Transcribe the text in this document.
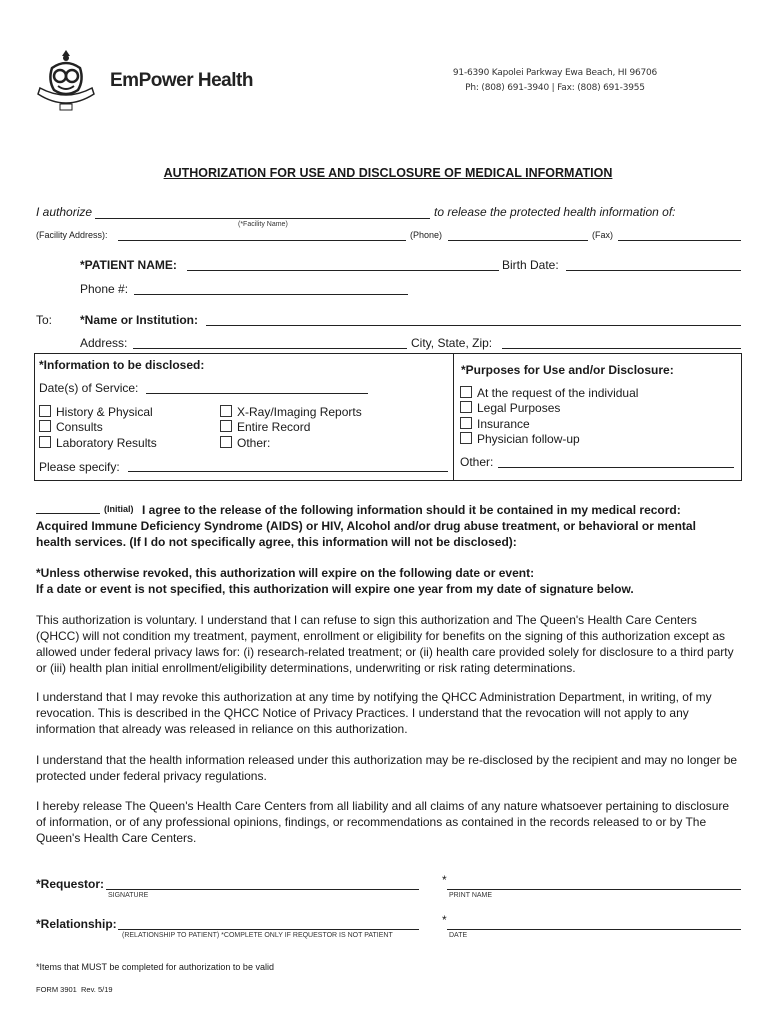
EmPower Health	91-6390 Kapolei Parkway Ewa Beach, HI 96706
Ph: (808) 691-3940 | Fax: (808) 691-3955
AUTHORIZATION FOR USE AND DISCLOSURE OF MEDICAL INFORMATION
I authorize
(*Facility Name)
to release the protected health information of:
(Facility Address):	(Phone)	(Fax)
*PATIENT NAME:	Birth Date:
Phone #:
To: *Name or Institution:
Address:	City, State, Zip:
*Information to be disclosed:
Date(s) of Service:
History & Physical
Consults
Laboratory Results
X-Ray/Imaging Reports
Entire Record
Other:
Please specify:
*Purposes for Use and/or Disclosure:
At the request of the individual
Legal Purposes
Insurance
Physician follow-up
Other:
(Initial) I agree to the release of the following information should it be contained in my medical record:
Acquired Immune Deficiency Syndrome (AIDS) or HIV, Alcohol and/or drug abuse treatment, or behavioral or mental
health services. (If I do not specifically agree, this information will not be disclosed):
*Unless otherwise revoked, this authorization will expire on the following date or event:
If a date or event is not specified, this authorization will expire one year from my date of signature below.
This authorization is voluntary. I understand that I can refuse to sign this authorization and The Queen's Health Care Centers (QHCC) will not condition my treatment, payment, enrollment or eligibility for benefits on the signing of this authorization except as allowed under federal privacy laws for: (i) research-related treatment; or (ii) health care provided solely for disclosure to a third party or (iii) health plan initial enrollment/eligibility determinations, underwriting or risk rating determinations.
I understand that I may revoke this authorization at any time by notifying the QHCC Administration Department, in writing, of my revocation. This is described in the QHCC Notice of Privacy Practices. I understand that the revocation will not apply to any information that already was released in reliance on this authorization.
I understand that the health information released under this authorization may be re-disclosed by the recipient and may no longer be protected under federal privacy regulations.
I hereby release The Queen's Health Care Centers from all liability and all claims of any nature whatsoever pertaining to disclosure of information, or of any professional opinions, findings, or recommendations as contained in the records released to or by The Queen's Health Care Centers.
*Requestor:
SIGNATURE
*
PRINT NAME
*Relationship:
(RELATIONSHIP TO PATIENT) *COMPLETE ONLY IF REQUESTOR IS NOT PATIENT
*
DATE
*Items that MUST be completed for authorization to be valid
FORM 3901  Rev. 5/19
